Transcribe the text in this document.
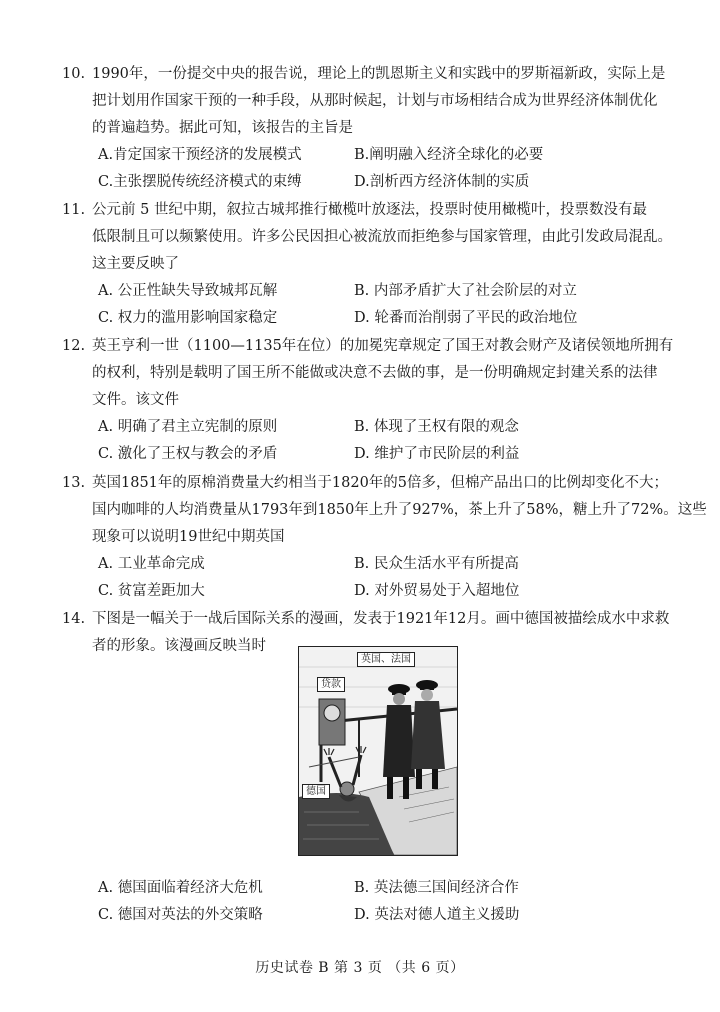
10. 1990年，一份提交中央的报告说，理论上的凯恩斯主义和实践中的罗斯福新政，实际上是
把计划用作国家干预的一种手段，从那时候起，计划与市场相结合成为世界经济体制优化
的普遍趋势。据此可知，该报告的主旨是
A.肯定国家干预经济的发展模式	B.阐明融入经济全球化的必要
C.主张摆脱传统经济模式的束缚	D.剖析西方经济体制的实质
11. 公元前 5 世纪中期，叙拉古城邦推行橄榄叶放逐法，投票时使用橄榄叶，投票数没有最
低限制且可以频繁使用。许多公民因担心被流放而拒绝参与国家管理，由此引发政局混乱。
这主要反映了
A. 公正性缺失导致城邦瓦解	B. 内部矛盾扩大了社会阶层的对立
C. 权力的滥用影响国家稳定	D. 轮番而治削弱了平民的政治地位
12. 英王亨利一世（1100—1135年在位）的加冕宪章规定了国王对教会财产及诸侯领地所拥有
的权利，特别是载明了国王所不能做或决意不去做的事，是一份明确规定封建关系的法律
文件。该文件
A. 明确了君主立宪制的原则	B. 体现了王权有限的观念
C. 激化了王权与教会的矛盾	D. 维护了市民阶层的利益
13. 英国1851年的原棉消费量大约相当于1820年的5倍多，但棉产品出口的比例却变化不大；
国内咖啡的人均消费量从1793年到1850年上升了927%，茶上升了58%，糖上升了72%。这些
现象可以说明19世纪中期英国
A. 工业革命完成	B. 民众生活水平有所提高
C. 贫富差距加大	D. 对外贸易处于入超地位
14. 下图是一幅关于一战后国际关系的漫画，发表于1921年12月。画中德国被描绘成水中求救
者的形象。该漫画反映当时
英国、法国
贷款
德国
A. 德国面临着经济大危机	B. 英法德三国间经济合作
C. 德国对英法的外交策略	D. 英法对德人道主义援助
历史试卷 B 第 3 页 （共 6 页）
